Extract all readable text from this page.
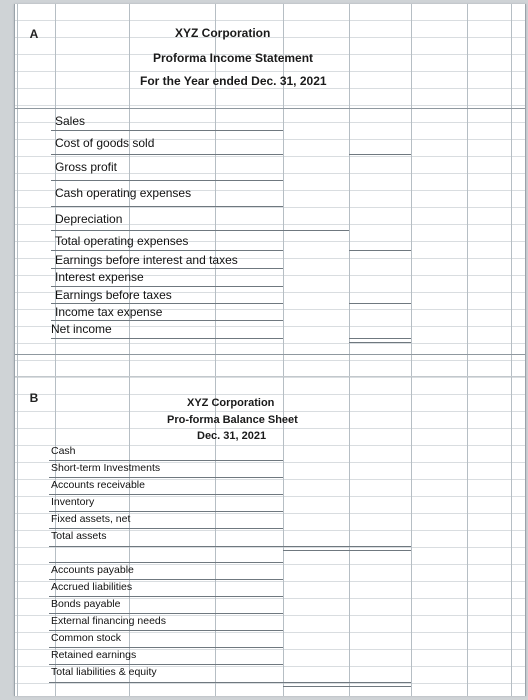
A	XYZ Corporation
Proforma Income Statement
For the Year ended Dec. 31, 2021
Sales
Cost of goods sold
Gross profit
Cash operating expenses
Depreciation
Total operating expenses
Earnings before interest and taxes
Interest expense
Earnings before taxes
Income tax expense
Net income
B	XYZ Corporation
Pro-forma Balance Sheet
Dec. 31, 2021
Cash
Short-term Investments
Accounts receivable
Inventory
Fixed assets, net
Total assets
Accounts payable
Accrued liabilities
Bonds payable
External financing needs
Common stock
Retained earnings
Total liabilities & equity
